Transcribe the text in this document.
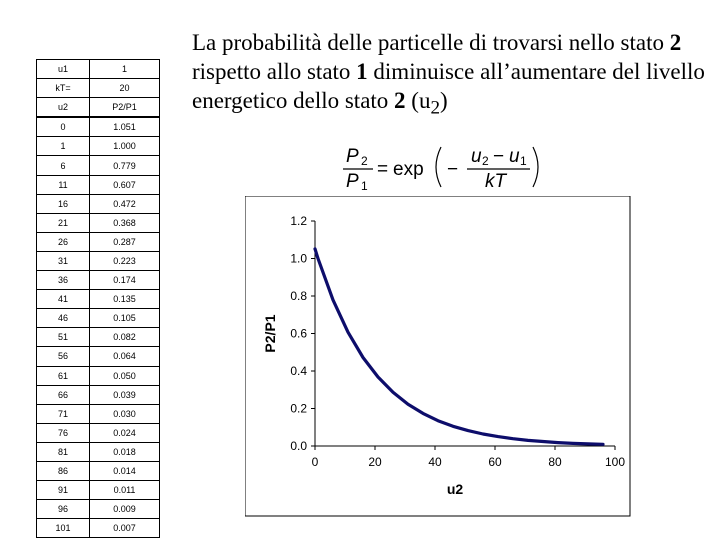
u1	1
kT=	20
u2	P2/P1
0	1.051
1	1.000
6	0.779
11	0.607
16	0.472
21	0.368
26	0.287
31	0.223
36	0.174
41	0.135
46	0.105
51	0.082
56	0.064
61	0.050
66	0.039
71	0.030
76	0.024
81	0.018
86	0.014
91	0.011
96	0.009
101	0.007

La probabilità delle particelle di trovarsi nello stato 2 rispetto allo stato 1 diminuisce all’aumentare del livello energetico dello stato 2 $(u_2)$

P 2
P 1
= exp −
u 2 − u 1
kT
0.0
0.2
0.4
0.6
0.8
1.0
1.2
0	20	40	60	80	100
u2
P2/P1
